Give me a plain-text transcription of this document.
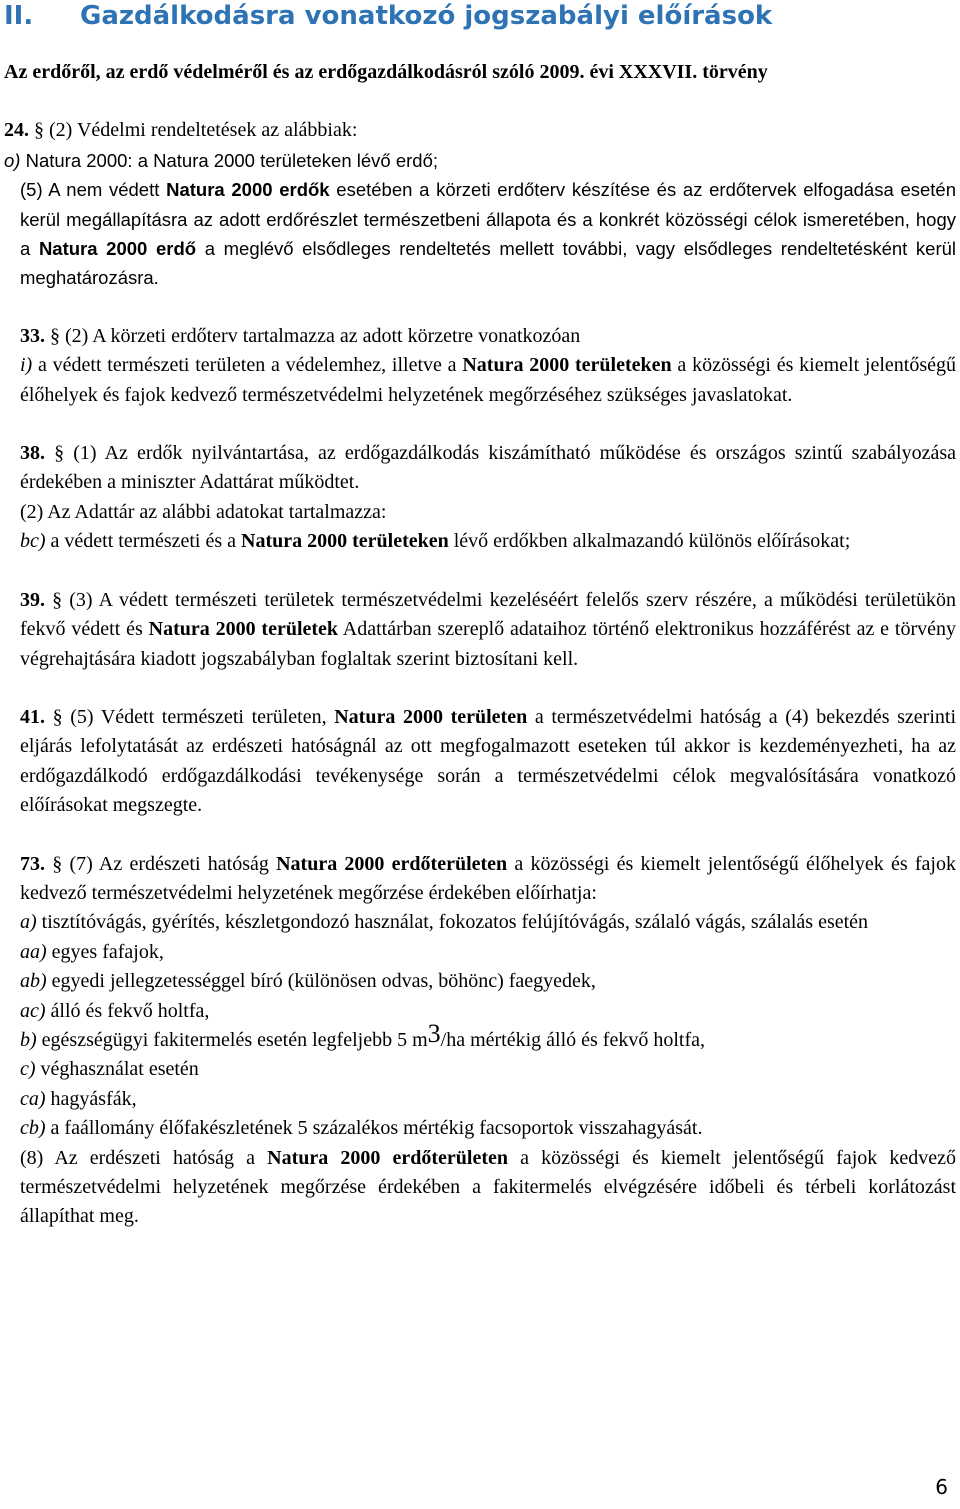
II. Gazdálkodásra vonatkozó jogszabályi előírások

Az erdőről, az erdő védelméről és az erdőgazdálkodásról szóló 2009. évi XXXVII. törvény

24. § (2) Védelmi rendeltetések az alábbiak:

o) Natura 2000: a Natura 2000 területeken lévő erdő;

(5) A nem védett Natura 2000 erdők esetében a körzeti erdőterv készítése és az erdőtervek elfogadása esetén kerül megállapításra az adott erdőrészlet természetbeni állapota és a konkrét közösségi célok ismeretében, hogy a Natura 2000 erdő a meglévő elsődleges rendeltetés mellett további, vagy elsődleges rendeltetésként kerül meghatározásra.

33. § (2) A körzeti erdőterv tartalmazza az adott körzetre vonatkozóan

i) a védett természeti területen a védelemhez, illetve a Natura 2000 területeken a közösségi és kiemelt jelentőségű élőhelyek és fajok kedvező természetvédelmi helyzetének megőrzéséhez szükséges javaslatokat.

38. § (1) Az erdők nyilvántartása, az erdőgazdálkodás kiszámítható működése és országos szintű szabályozása érdekében a miniszter Adattárat működtet.

(2) Az Adattár az alábbi adatokat tartalmazza:

bc) a védett természeti és a Natura 2000 területeken lévő erdőkben alkalmazandó különös előírásokat;

39. § (3) A védett természeti területek természetvédelmi kezeléséért felelős szerv részére, a működési területükön fekvő védett és Natura 2000 területek Adattárban szereplő adataihoz történő elektronikus hozzáférést az e törvény végrehajtására kiadott jogszabályban foglaltak szerint biztosítani kell.

41. § (5) Védett természeti területen, Natura 2000 területen a természetvédelmi hatóság a (4) bekezdés szerinti eljárás lefolytatását az erdészeti hatóságnál az ott megfogalmazott eseteken túl akkor is kezdeményezheti, ha az erdőgazdálkodó erdőgazdálkodási tevékenysége során a természetvédelmi célok megvalósítására vonatkozó előírásokat megszegte.

73. § (7) Az erdészeti hatóság Natura 2000 erdőterületen a közösségi és kiemelt jelentőségű élőhelyek és fajok kedvező természetvédelmi helyzetének megőrzése érdekében előírhatja:

a) tisztítóvágás, gyérítés, készletgondozó használat, fokozatos felújítóvágás, szálaló vágás, szálalás esetén

aa) egyes fafajok,

ab) egyedi jellegzetességgel bíró (különösen odvas, böhönc) faegyedek,

ac) álló és fekvő holtfa,

b) egészségügyi fakitermelés esetén legfeljebb 5 $m^3/ha$ mértékig álló és fekvő holtfa,

c) véghasználat esetén

ca) hagyásfák,

cb) a faállomány élőfakészletének 5 százalékos mértékig facsoportok visszahagyását.

(8) Az erdészeti hatóság a Natura 2000 erdőterületen a közösségi és kiemelt jelentőségű fajok kedvező természetvédelmi helyzetének megőrzése érdekében a fakitermelés elvégzésére időbeli és térbeli korlátozást állapíthat meg.

6
